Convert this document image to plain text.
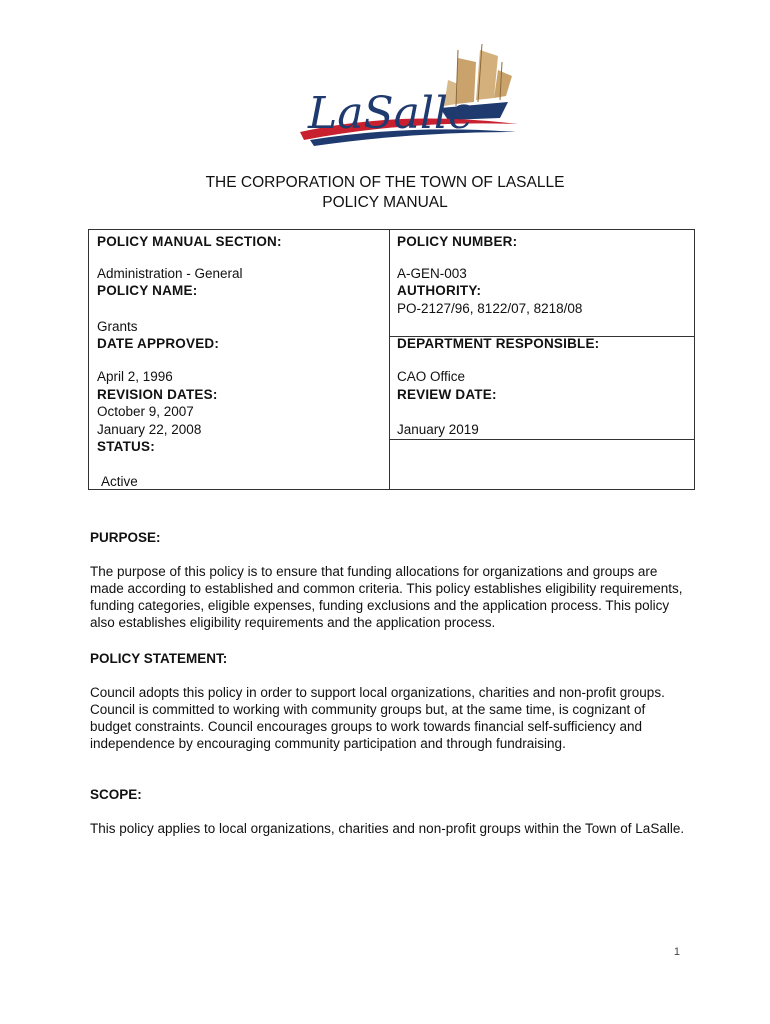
LaSalle
THE CORPORATION OF THE TOWN OF LASALLE
POLICY MANUAL
POLICY MANUAL SECTION:
Administration - General
POLICY NAME:
Grants
DATE APPROVED:
April 2, 1996
REVISION DATES:
October 9, 2007
January 22, 2008
STATUS:
Active
POLICY NUMBER:
A-GEN-003
AUTHORITY:
PO-2127/96, 8122/07, 8218/08
DEPARTMENT RESPONSIBLE:
CAO Office
REVIEW DATE:
January 2019
PURPOSE:
The purpose of this policy is to ensure that funding allocations for organizations and groups are made according to established and common criteria. This policy establishes eligibility requirements, funding categories, eligible expenses, funding exclusions and the application process. This policy also establishes eligibility requirements and the application process.
POLICY STATEMENT:
Council adopts this policy in order to support local organizations, charities and non-profit groups. Council is committed to working with community groups but, at the same time, is cognizant of budget constraints. Council encourages groups to work towards financial self-sufficiency and independence by encouraging community participation and through fundraising.
SCOPE:
This policy applies to local organizations, charities and non-profit groups within the Town of LaSalle.
1
